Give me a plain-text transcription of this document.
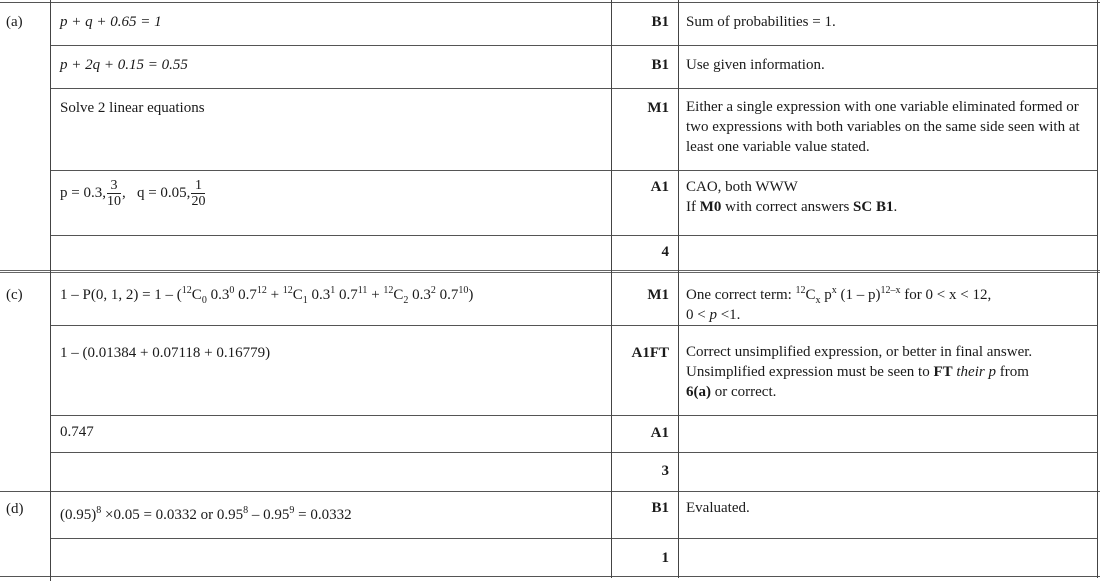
(a) p + q + 0.65 = 1	B1 Sum of probabilities = 1.
p + 2q + 0.15 = 0.55	B1 Use given information.
Solve 2 linear equations	M1 Either a single expression with one variable eliminated formed or two expressions with both variables on the same side seen with at least one variable value stated.
p = 0.3, $\frac{3}{10}$ ,   q = 0.05, $\frac{1}{20}$	A1 CAO, both WWW
If M0 with correct answers SC B1.
4
(c) 1 – P(0, 1, $2) = 1 - (^{12}C_0$ $0.3^0$ $0.7^{12} + ^{12}C_1$ $0.3^1$ $0.7^{11} + ^{12}C_2$ $0.3^2$ $0.7^{10}$)	M1 One correct term: $^{12}C_x$ $p^x$ (1 – p)$^{12-x}$ for 0 < x < 12,
0 < p <1.
1 – (0.01384 + 0.07118 + 0.16779)	A1FT Correct unsimplified expression, or better in final answer.
Unsimplified expression must be seen to FT their p from
6(a) or correct.
0.747	A1
3
(d) $(0.95)^8 \times 0.05 = 0.0332$ or $0.95^8 - 0.95^9 = 0.0332$	B1 Evaluated.
1
